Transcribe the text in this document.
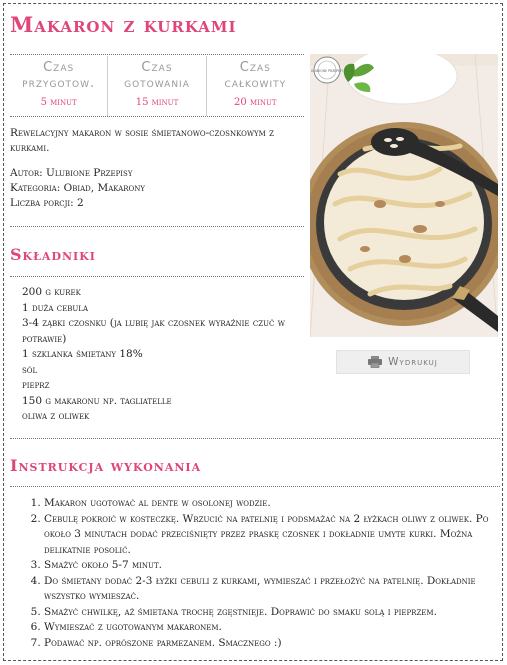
Makaron z kurkami
Czas przygotow.
5 minut
Czas gotowania
15 minut
Czas całkowity
20 minut

Rewelacyjny makaron w sosie śmietanowo-czosnkowym z kurkami.

Autor: Ulubione Przepisy
Kategoria: Obiad, Makarony
Liczba porcji: 2
Składniki
200 g kurek
1 duża cebula
3-4 ząbki czosnku (ja lubię jak czosnek wyraźnie czuć w potrawie)
1 szklanka śmietany 18%
sól
pieprz
150 g makaronu np. tagliatelle
oliwa z oliwek
ULUBIONE PRZEPISY
Wydrukuj
Instrukcja wykonania
1. Makaron ugotować al dente w osolonej wodzie.
2. Cebulę pokroić w kosteczkę. Wrzucić na patelnię i podsmażać na 2 łyżkach oliwy z oliwek. Po około 3 minutach dodać przeciśnięty przez praskę czosnek i dokładnie umyte kurki. Można delikatnie posolić.
3. Smażyć około 5-7 minut.
4. Do śmietany dodać 2-3 łyżki cebuli z kurkami, wymieszać i przełożyć na patelnię. Dokładnie wszystko wymieszać.
5. Smażyć chwilkę, aż śmietana trochę zgęstnieje. Doprawić do smaku solą i pieprzem.
6. Wymieszać z ugotowanym makaronem.
7. Podawać np. oprószone parmezanem. Smacznego :)
